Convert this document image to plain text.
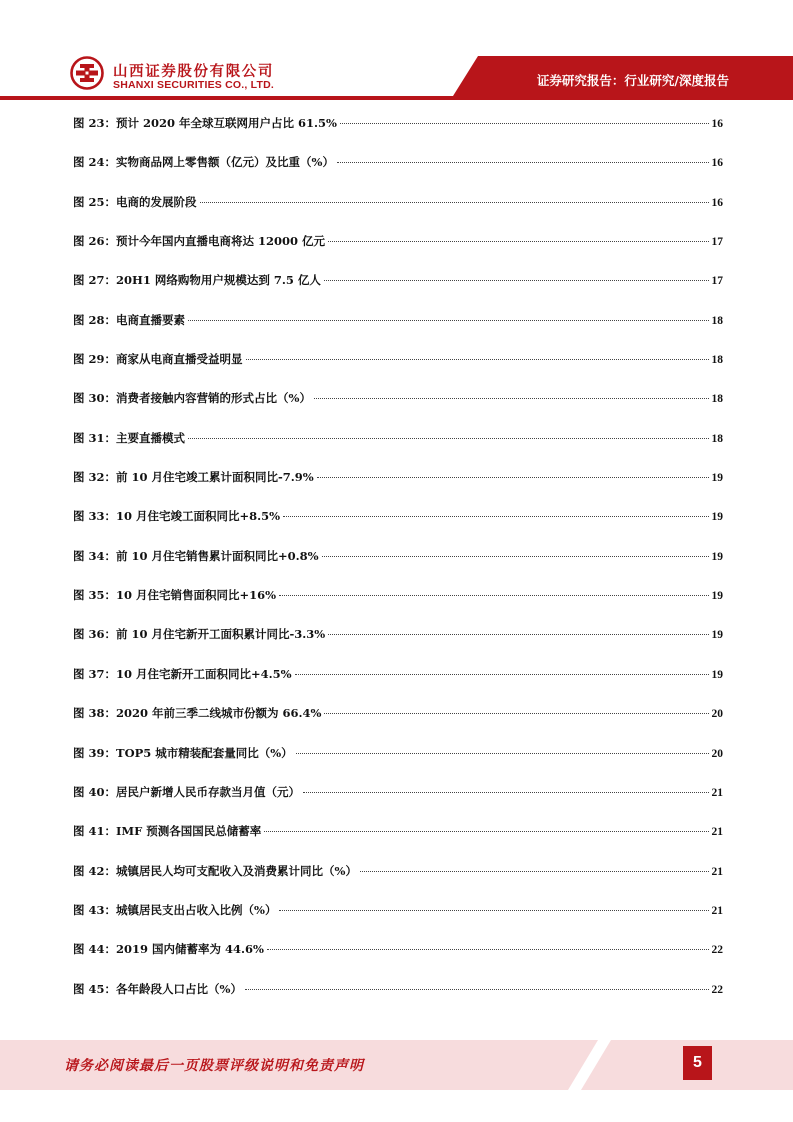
山西证券股份有限公司
SHANXI SECURITIES CO., LTD.	证券研究报告：行业研究/深度报告
图 23： 预计 2020 年全球互联网用户占比 61.5%	16
图 24： 实物商品网上零售额（亿元）及比重（%）	16
图 25： 电商的发展阶段	16
图 26： 预计今年国内直播电商将达 12000 亿元	17
图 27： 20H1 网络购物用户规模达到 7.5 亿人	17
图 28： 电商直播要素	18
图 29： 商家从电商直播受益明显	18
图 30： 消费者接触内容营销的形式占比（%）	18
图 31： 主要直播模式	18
图 32： 前 10 月住宅竣工累计面积同比-7.9%	19
图 33： 10 月住宅竣工面积同比+8.5%	19
图 34： 前 10 月住宅销售累计面积同比+0.8%	19
图 35： 10 月住宅销售面积同比+16%	19
图 36： 前 10 月住宅新开工面积累计同比-3.3%	19
图 37： 10 月住宅新开工面积同比+4.5%	19
图 38： 2020 年前三季二线城市份额为 66.4%	20
图 39： TOP5 城市精装配套量同比（%）	20
图 40： 居民户新增人民币存款当月值（元）	21
图 41： IMF 预测各国国民总储蓄率	21
图 42： 城镇居民人均可支配收入及消费累计同比（%）	21
图 43： 城镇居民支出占收入比例（%）	21
图 44： 2019 国内储蓄率为 44.6%	22
图 45： 各年龄段人口占比（%）	22
请务必阅读最后一页股票评级说明和免责声明	5
